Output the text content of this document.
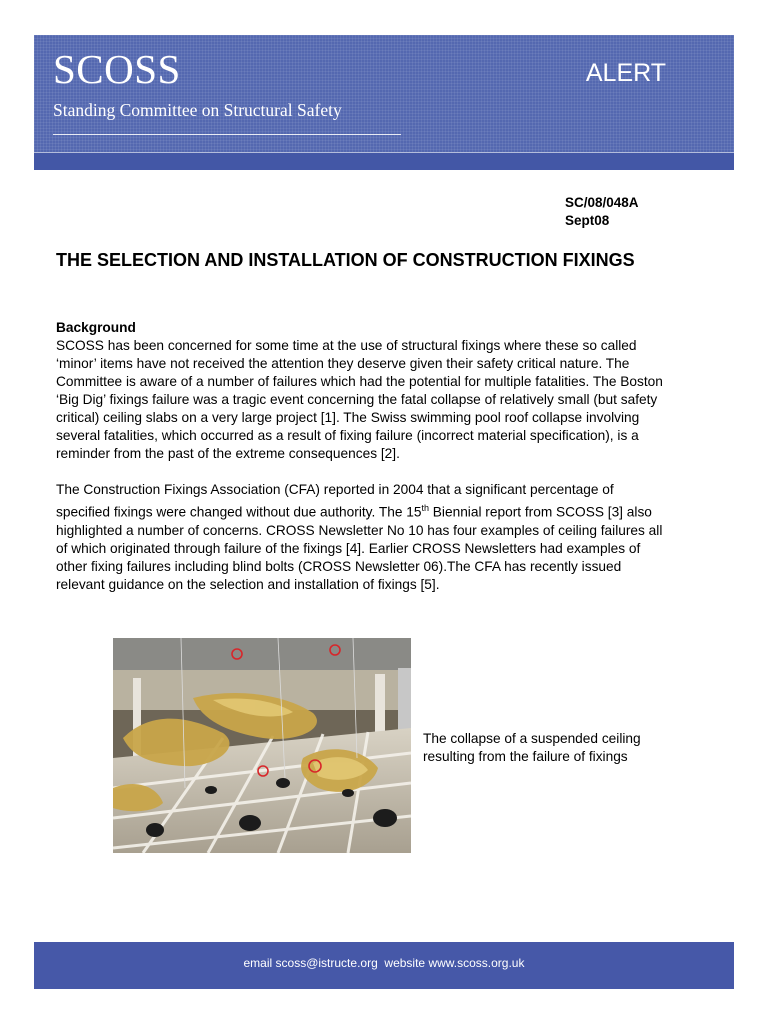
SCOSS	ALERT
Standing Committee on Structural Safety
SC/08/048A
Sept08
THE SELECTION AND INSTALLATION OF CONSTRUCTION FIXINGS
Background

SCOSS has been concerned for some time at the use of structural fixings where these so called ‘minor’ items have not received the attention they deserve given their safety critical nature. The Committee is aware of a number of failures which had the potential for multiple fatalities. The Boston ‘Big Dig’ fixings failure was a tragic event concerning the fatal collapse of relatively small (but safety critical) ceiling slabs on a very large project [1]. The Swiss swimming pool roof collapse involving several fatalities, which occurred as a result of fixing failure (incorrect material specification), is a reminder from the past of the extreme consequences [2].

The Construction Fixings Association (CFA) reported in 2004 that a significant percentage of specified fixings were changed without due authority. The 15th Biennial report from SCOSS [3] also highlighted a number of concerns. CROSS Newsletter No 10 has four examples of ceiling failures all of which originated through failure of the fixings [4]. Earlier CROSS Newsletters had examples of other fixing failures including blind bolts (CROSS Newsletter 06).The CFA has recently issued relevant guidance on the selection and installation of fixings [5].

The collapse of a suspended ceiling resulting from the failure of fixings
email scoss@istructe.org website www.scoss.org.uk
